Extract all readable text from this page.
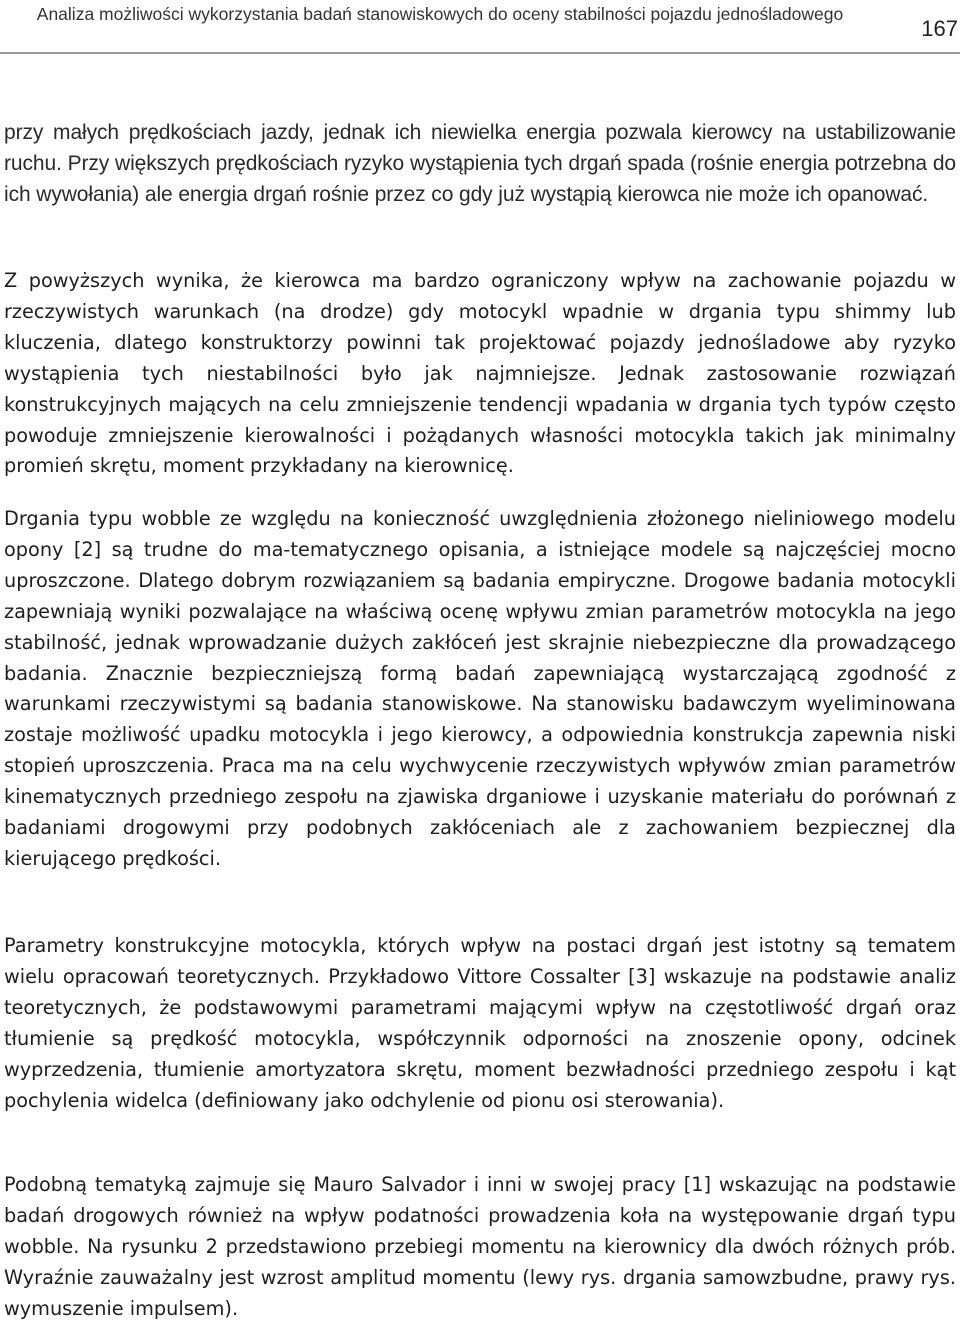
Analiza możliwości wykorzystania badań stanowiskowych do oceny stabilności pojazdu jednośladowego
167

przy małych prędkościach jazdy, jednak ich niewielka energia pozwala kierowcy na ustabilizowanie ruchu. Przy większych prędkościach ryzyko wystąpienia tych drgań spada (rośnie energia potrzebna do ich wywołania) ale energia drgań rośnie przez co gdy już wystąpią kierowca nie może ich opanować.

Z powyższych wynika, że kierowca ma bardzo ograniczony wpływ na zachowanie pojazdu w rzeczywistych warunkach (na drodze) gdy motocykl wpadnie w drgania typu shimmy lub kluczenia, dlatego konstruktorzy powinni tak projektować pojazdy jednośladowe aby ryzyko wystąpienia tych niestabilności było jak najmniejsze. Jednak zastosowanie rozwiązań konstrukcyjnych mających na celu zmniejszenie tendencji wpadania w drgania tych typów często powoduje zmniejszenie kierowalności i pożądanych własności motocykla takich jak minimalny promień skrętu, moment przykładany na kierownicę.

Drgania typu wobble ze względu na konieczność uwzględnienia złożonego nieliniowego modelu opony [2] są trudne do ma-tematycznego opisania, a istniejące modele są najczęściej mocno uproszczone. Dlatego dobrym rozwiązaniem są badania empiryczne. Drogowe badania motocykli zapewniają wyniki pozwalające na właściwą ocenę wpływu zmian parametrów motocykla na jego stabilność, jednak wprowadzanie dużych zakłóceń jest skrajnie niebezpieczne dla prowadzącego badania. Znacznie bezpieczniejszą formą badań zapewniającą wystarczającą zgodność z warunkami rzeczywistymi są badania stanowiskowe. Na stanowisku badawczym wyeliminowana zostaje możliwość upadku motocykla i jego kierowcy, a odpowiednia konstrukcja zapewnia niski stopień uproszczenia. Praca ma na celu wychwycenie rzeczywistych wpływów zmian parametrów kinematycznych przedniego zespołu na zjawiska drganiowe i uzyskanie materiału do porównań z badaniami drogowymi przy podobnych zakłóceniach ale z zachowaniem bezpiecznej dla kierującego prędkości.

Parametry konstrukcyjne motocykla, których wpływ na postaci drgań jest istotny są tematem wielu opracowań teoretycznych. Przykładowo Vittore Cossalter [3] wskazuje na podstawie analiz teoretycznych, że podstawowymi parametrami mającymi wpływ na częstotliwość drgań oraz tłumienie są prędkość motocykla, współczynnik odporności na znoszenie opony, odcinek wyprzedzenia, tłumienie amortyzatora skrętu, moment bezwładności przedniego zespołu i kąt pochylenia widelca (definiowany jako odchylenie od pionu osi sterowania).

Podobną tematyką zajmuje się Mauro Salvador i inni w swojej pracy [1] wskazując na podstawie badań drogowych również na wpływ podatności prowadzenia koła na występowanie drgań typu wobble. Na rysunku 2 przedstawiono przebiegi momentu na kierownicy dla dwóch różnych prób. Wyraźnie zauważalny jest wzrost amplitud momentu (lewy rys. drgania samowzbudne, prawy rys. wymuszenie impulsem).
